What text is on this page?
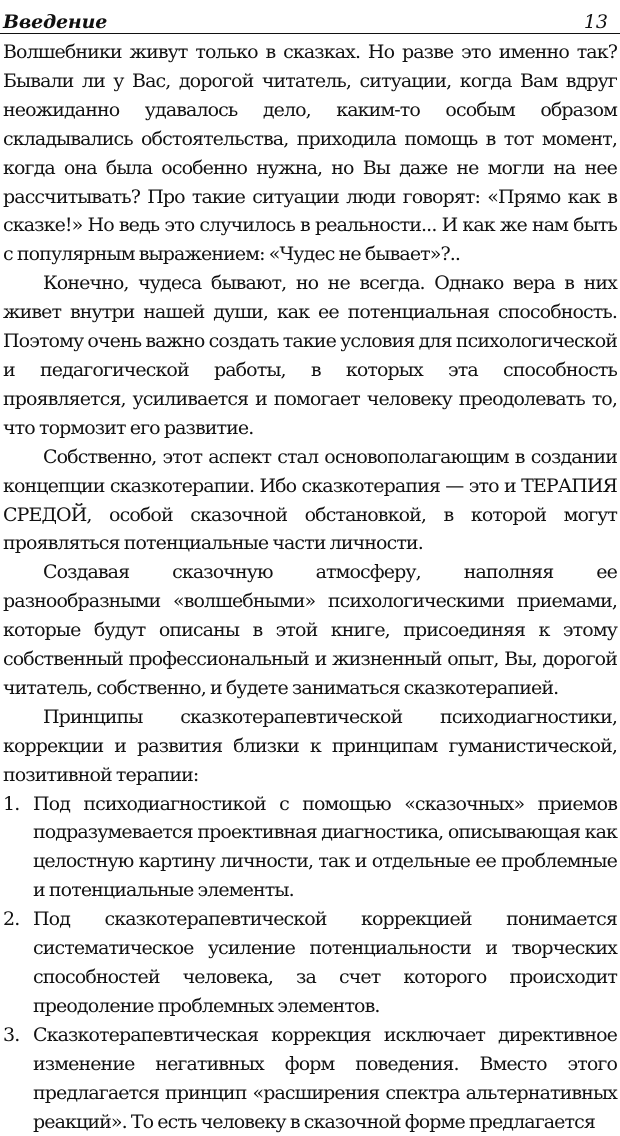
Введение	13

Волшебники живут только в сказках. Но разве это именно так? Бывали ли у Вас, дорогой читатель, ситуации, когда Вам вдруг неожиданно удавалось дело, каким-то особым образом складывались обстоятельства, приходила помощь в тот момент, когда она была особенно нужна, но Вы даже не могли на нее рассчитывать? Про такие ситуации люди говорят: «Прямо как в сказке!» Но ведь это случилось в реальности... И как же нам быть с популярным выражением: «Чудес не бывает»?..

Конечно, чудеса бывают, но не всегда. Однако вера в них живет внутри нашей души, как ее потенциальная способность. Поэтому очень важно создать такие условия для психологической и педагогической работы, в которых эта способность проявляется, усиливается и помогает человеку преодолевать то, что тормозит его развитие.

Собственно, этот аспект стал основополагающим в создании концепции сказкотерапии. Ибо сказкотерапия — это и ТЕРАПИЯ СРЕДОЙ, особой сказочной обстановкой, в которой могут проявляться потенциальные части личности.

Создавая сказочную атмосферу, наполняя ее разнообразными «волшебными» психологическими приемами, которые будут описаны в этой книге, присоединяя к этому собственный профессиональный и жизненный опыт, Вы, дорогой читатель, собственно, и будете заниматься сказкотерапией.

Принципы сказкотерапевтической психодиагностики, коррекции и развития близки к принципам гуманистической, позитивной терапии:

1. Под психодиагностикой с помощью «сказочных» приемов подразумевается проективная диагностика, описывающая как целостную картину личности, так и отдельные ее проблемные и потенциальные элементы.
2. Под сказкотерапевтической коррекцией понимается систематическое усиление потенциальности и творческих способностей человека, за счет которого происходит преодоление проблемных элементов.
3. Сказкотерапевтическая коррекция исключает директивное изменение негативных форм поведения. Вместо этого предлагается принцип «расширения спектра альтернативных реакций». То есть человеку в сказочной форме предлагается
